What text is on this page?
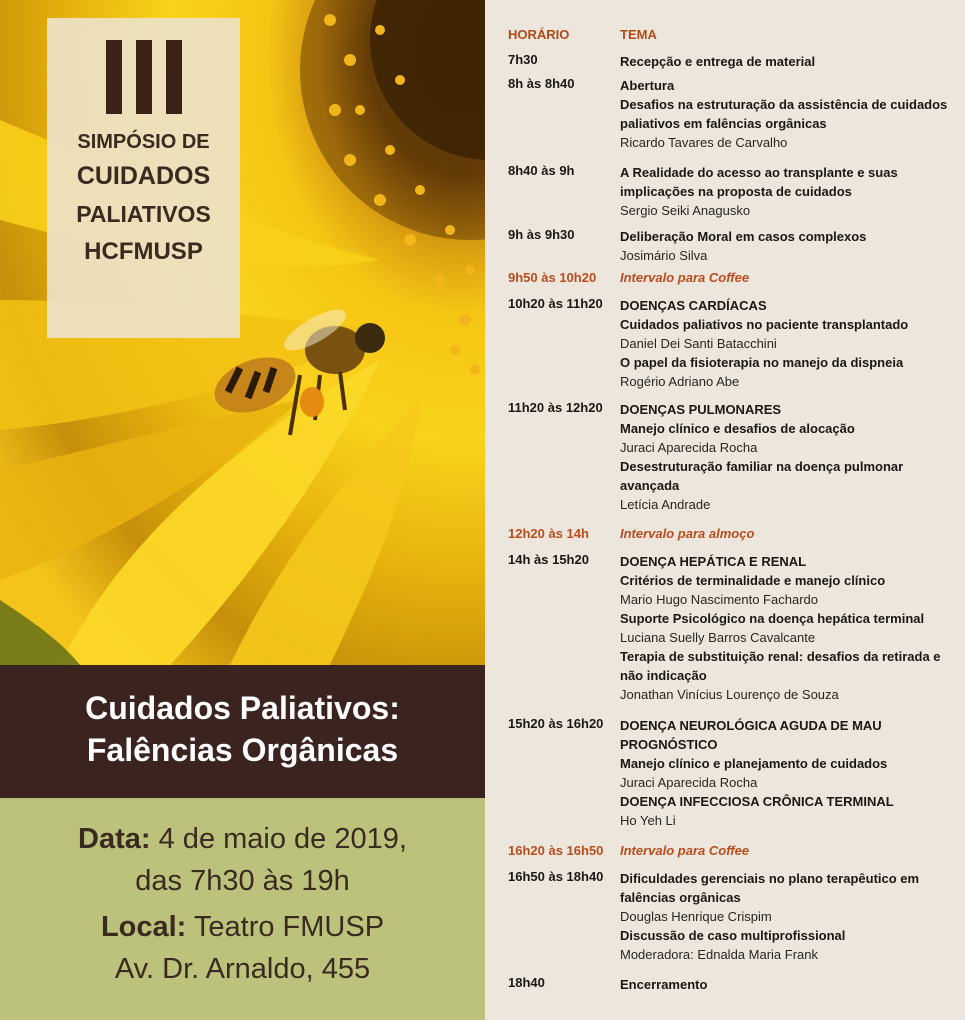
SIMPÓSIO DE
CUIDADOS
PALIATIVOS
HCFMUSP
Cuidados Paliativos:
Falências Orgânicas
Data: 4 de maio de 2019,
das 7h30 às 19h
Local: Teatro FMUSP
Av. Dr. Arnaldo, 455
HORÁRIO	TEMA
7h30	Recepção e entrega de material
8h às 8h40	Abertura
Desafios na estruturação da assistência de cuidados paliativos em falências orgânicas
Ricardo Tavares de Carvalho
8h40 às 9h	A Realidade do acesso ao transplante e suas implicações na proposta de cuidados
Sergio Seiki Anagusko
9h às 9h30	Deliberação Moral em casos complexos
Josimário Silva
9h50 às 10h20 Intervalo para Coffee
10h20 às 11h20 DOENÇAS CARDÍACAS
Cuidados paliativos no paciente transplantado
Daniel Dei Santi Batacchini
O papel da fisioterapia no manejo da dispneia
Rogério Adriano Abe
11h20 às 12h20 DOENÇAS PULMONARES
Manejo clínico e desafios de alocação
Juraci Aparecida Rocha
Desestruturação familiar na doença pulmonar avançada
Letícia Andrade
12h20 às 14h Intervalo para almoço
14h às 15h20 DOENÇA HEPÁTICA E RENAL
Critérios de terminalidade e manejo clínico
Mario Hugo Nascimento Fachardo
Suporte Psicológico na doença hepática terminal
Luciana Suelly Barros Cavalcante
Terapia de substituição renal: desafios da retirada e não indicação
Jonathan Vinícius Lourenço de Souza
15h20 às 16h20 DOENÇA NEUROLÓGICA AGUDA DE MAU PROGNÓSTICO
Manejo clínico e planejamento de cuidados
Juraci Aparecida Rocha
DOENÇA INFECCIOSA CRÔNICA TERMINAL
Ho Yeh Li
16h20 às 16h50 Intervalo para Coffee
16h50 às 18h40 Dificuldades gerenciais no plano terapêutico em falências orgânicas
Douglas Henrique Crispim
Discussão de caso multiprofissional
Moderadora: Ednalda Maria Frank
18h40	Encerramento
